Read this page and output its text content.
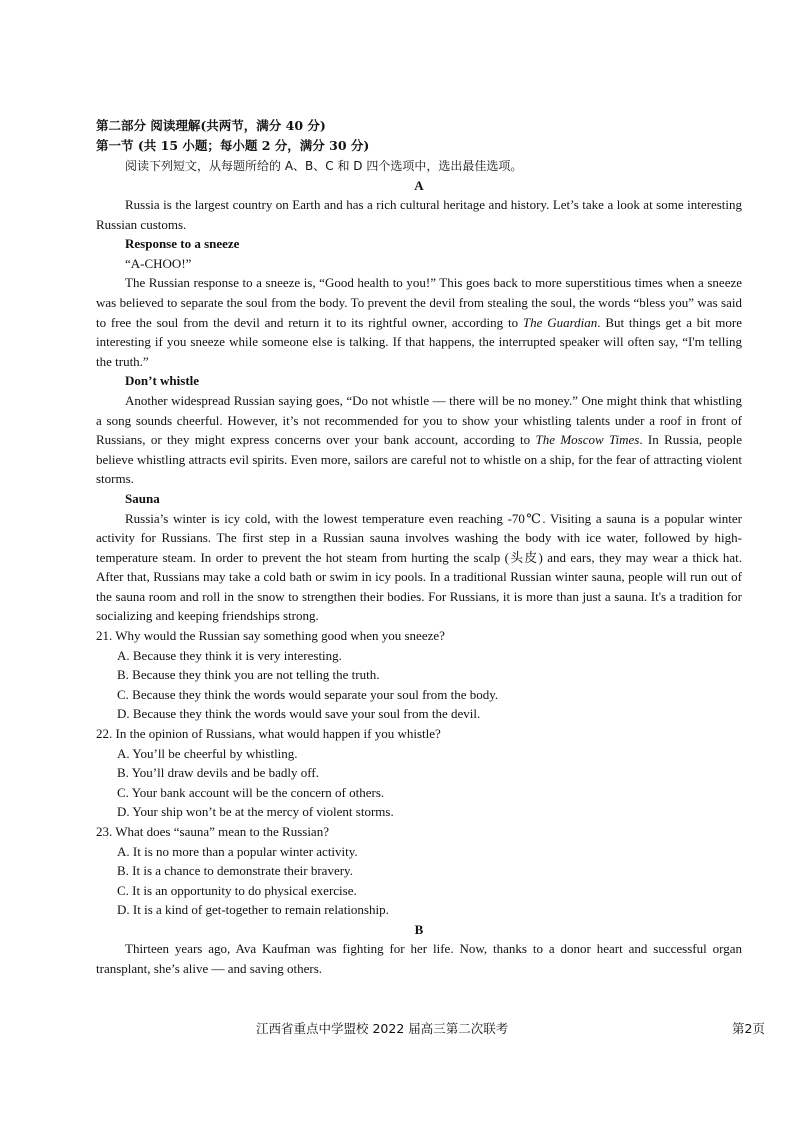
第二部分 阅读理解(共两节，满分 40 分)
第一节 (共 15 小题；每小题 2 分，满分 30 分)
阅读下列短文，从每题所给的 A、B、C 和 D 四个选项中，选出最佳选项。
A

Russia is the largest country on Earth and has a rich cultural heritage and history. Let’s take a look at some interesting Russian customs.

Response to a sneeze
“A-CHOO!”

The Russian response to a sneeze is, “Good health to you!” This goes back to more superstitious times when a sneeze was believed to separate the soul from the body. To prevent the devil from stealing the soul, the words “bless you” was said to free the soul from the devil and return it to its rightful owner, according to The Guardian. But things get a bit more interesting if you sneeze while someone else is talking. If that happens, the interrupted speaker will often say, “I'm telling the truth.”

Don’t whistle

Another widespread Russian saying goes, “Do not whistle — there will be no money.” One might think that whistling a song sounds cheerful. However, it’s not recommended for you to show your whistling talents under a roof in front of Russians, or they might express concerns over your bank account, according to The Moscow Times. In Russia, people believe whistling attracts evil spirits. Even more, sailors are careful not to whistle on a ship, for the fear of attracting violent storms.

Sauna

Russia’s winter is icy cold, with the lowest temperature even reaching -70℃. Visiting a sauna is a popular winter activity for Russians. The first step in a Russian sauna involves washing the body with ice water, followed by high-temperature steam. In order to prevent the hot steam from hurting the scalp (头皮) and ears, they may wear a thick hat. After that, Russians may take a cold bath or swim in icy pools. In a traditional Russian winter sauna, people will run out of the sauna room and roll in the snow to strengthen their bodies. For Russians, it is more than just a sauna. It's a tradition for socializing and keeping friendships strong.

21. Why would the Russian say something good when you sneeze?

A. Because they think it is very interesting.
B. Because they think you are not telling the truth.
C. Because they think the words would separate your soul from the body.
D. Because they think the words would save your soul from the devil.

22. In the opinion of Russians, what would happen if you whistle?

A. You’ll be cheerful by whistling.
B. You’ll draw devils and be badly off.
C. Your bank account will be the concern of others.
D. Your ship won’t be at the mercy of violent storms.

23. What does “sauna” mean to the Russian?

A. It is no more than a popular winter activity.
B. It is a chance to demonstrate their bravery.
C. It is an opportunity to do physical exercise.
D. It is a kind of get-together to remain relationship.
B

Thirteen years ago, Ava Kaufman was fighting for her life. Now, thanks to a donor heart and successful organ transplant, she’s alive — and saving others.

江西省重点中学盟校 2022 届高三第二次联考	第2页
